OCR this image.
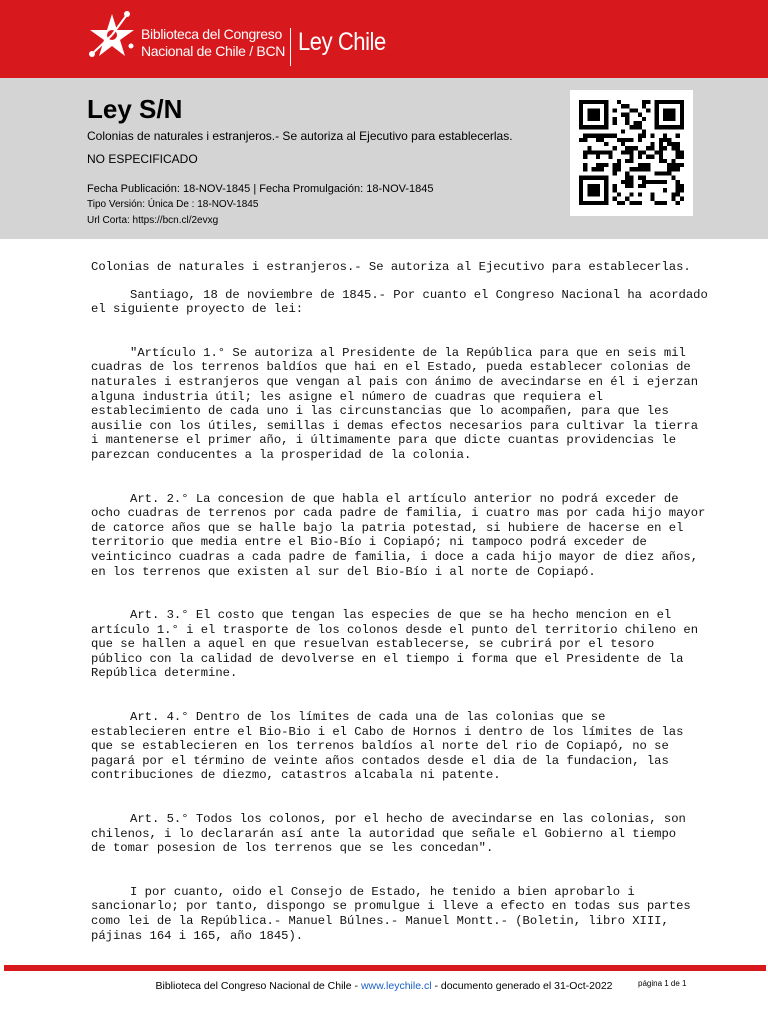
Biblioteca del Congreso
Nacional de Chile / BCN Ley Chile
Ley S/N
Colonias de naturales i estranjeros.- Se autoriza al Ejecutivo para establecerlas.
NO ESPECIFICADO
Fecha Publicación: 18-NOV-1845 | Fecha Promulgación: 18-NOV-1845
Tipo Versión: Única De : 18-NOV-1845
Url Corta: https://bcn.cl/2evxg

Colonias de naturales i estranjeros.- Se autoriza al Ejecutivo para establecerlas.

Santiago, 18 de noviembre de 1845.- Por cuanto el Congreso Nacional ha acordado
el siguiente proyecto de lei:

"Artículo 1.° Se autoriza al Presidente de la República para que en seis mil
cuadras de los terrenos baldíos que hai en el Estado, pueda establecer colonias de
naturales i estranjeros que vengan al pais con ánimo de avecindarse en él i ejerzan
alguna industria útil; les asigne el número de cuadras que requiera el
establecimiento de cada uno i las circunstancias que lo acompañen, para que les
ausilie con los útiles, semillas i demas efectos necesarios para cultivar la tierra
i mantenerse el primer año, i últimamente para que dicte cuantas providencias le
parezcan conducentes a la prosperidad de la colonia.

Art. 2.° La concesion de que habla el artículo anterior no podrá exceder de
ocho cuadras de terrenos por cada padre de familia, i cuatro mas por cada hijo mayor
de catorce años que se halle bajo la patria potestad, si hubiere de hacerse en el
territorio que media entre el Bio-Bío i Copiapó; ni tampoco podrá exceder de
veinticinco cuadras a cada padre de familia, i doce a cada hijo mayor de diez años,
en los terrenos que existen al sur del Bio-Bío i al norte de Copiapó.

Art. 3.° El costo que tengan las especies de que se ha hecho mencion en el
artículo 1.° i el trasporte de los colonos desde el punto del territorio chileno en
que se hallen a aquel en que resuelvan establecerse, se cubrirá por el tesoro
público con la calidad de devolverse en el tiempo i forma que el Presidente de la
República determine.

Art. 4.° Dentro de los límites de cada una de las colonias que se
establecieren entre el Bio-Bio i el Cabo de Hornos i dentro de los límites de las
que se establecieren en los terrenos baldíos al norte del rio de Copiapó, no se
pagará por el término de veinte años contados desde el dia de la fundacion, las
contribuciones de diezmo, catastros alcabala ni patente.

Art. 5.° Todos los colonos, por el hecho de avecindarse en las colonias, son
chilenos, i lo declararán así ante la autoridad que señale el Gobierno al tiempo
de tomar posesion de los terrenos que se les concedan".

I por cuanto, oido el Consejo de Estado, he tenido a bien aprobarlo i
sancionarlo; por tanto, dispongo se promulgue i lleve a efecto en todas sus partes
como lei de la República.- Manuel Búlnes.- Manuel Montt.- (Boletin, libro XIII,
pájinas 164 i 165, año 1845).

Biblioteca del Congreso Nacional de Chile - www.leychile.cl - documento generado el 31-Oct-2022	página 1 de 1
